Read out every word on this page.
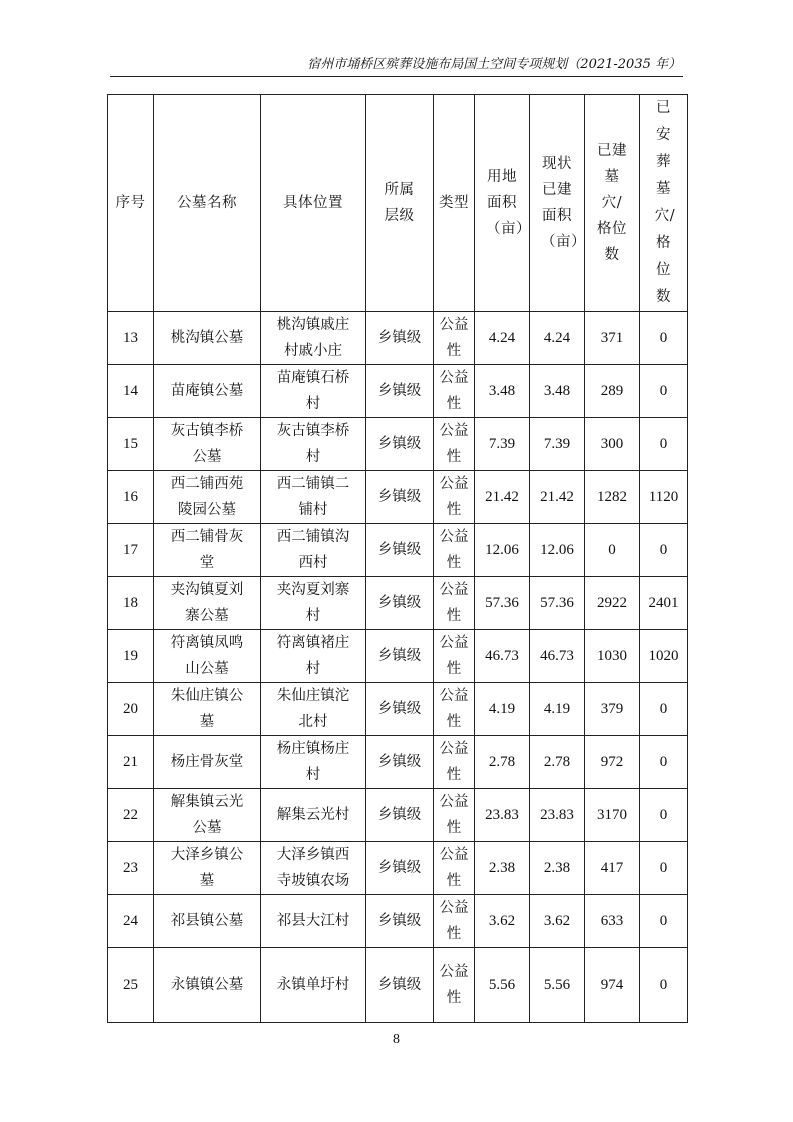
宿州市埇桥区殡葬设施布局国土空间专项规划（2021-2035 年）
序号	公墓名称	具体位置	所属层级	类型	用地面积（亩）	现状已建面积（亩）	已建墓穴/格位数	已安葬墓穴/格位数
13	桃沟镇公墓	桃沟镇戚庄村戚小庄	乡镇级	公益性	4.24	4.24	371	0
14	苗庵镇公墓	苗庵镇石桥村	乡镇级	公益性	3.48	3.48	289	0
15	灰古镇李桥公墓	灰古镇李桥村	乡镇级	公益性	7.39	7.39	300	0
16	西二铺西苑陵园公墓	西二铺镇二铺村	乡镇级	公益性	21.42	21.42	1282	1120
17	西二铺骨灰堂	西二铺镇沟西村	乡镇级	公益性	12.06	12.06	0	0
18	夹沟镇夏刘寨公墓	夹沟夏刘寨村	乡镇级	公益性	57.36	57.36	2922	2401
19	符离镇凤鸣山公墓	符离镇褚庄村	乡镇级	公益性	46.73	46.73	1030	1020
20	朱仙庄镇公墓	朱仙庄镇沱北村	乡镇级	公益性	4.19	4.19	379	0
21	杨庄骨灰堂	杨庄镇杨庄村	乡镇级	公益性	2.78	2.78	972	0
22	解集镇云光公墓	解集云光村	乡镇级	公益性	23.83	23.83	3170	0
23	大泽乡镇公墓	大泽乡镇西寺坡镇农场	乡镇级	公益性	2.38	2.38	417	0
24	祁县镇公墓	祁县大江村	乡镇级	公益性	3.62	3.62	633	0
25	永镇镇公墓	永镇单圩村	乡镇级	公益性	5.56	5.56	974	0
8
